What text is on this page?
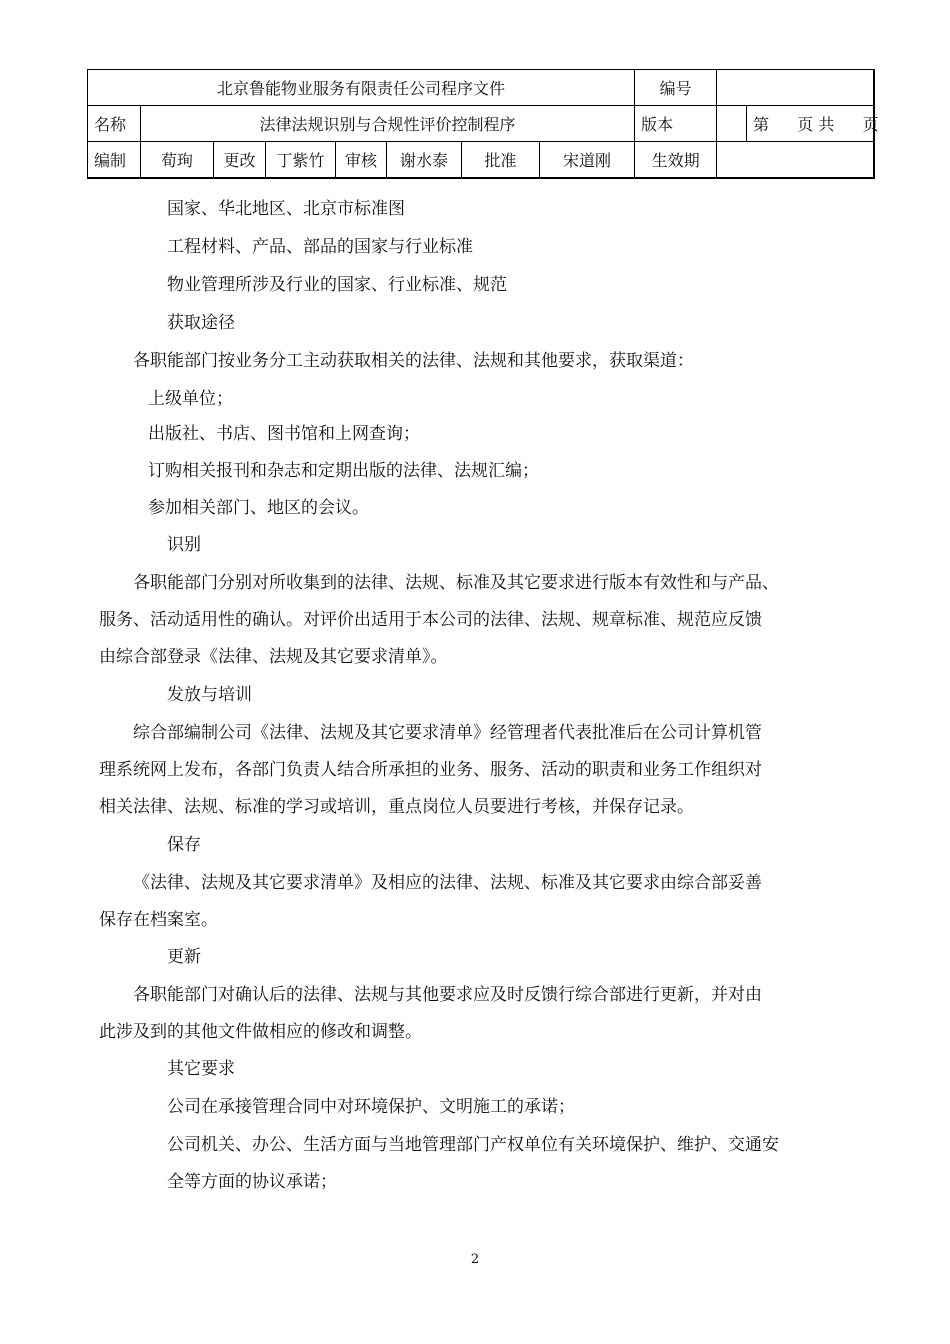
北京鲁能物业服务有限责任公司程序文件								编号		
名称	法律法规识别与合规性评价控制程序							版本		第 页 共 页
编制	荀珣	更改	丁紫竹	审核	谢水泰	批准	宋道刚	生效期		
国家、华北地区、北京市标准图
工程材料、产品、部品的国家与行业标准
物业管理所涉及行业的国家、行业标准、规范
获取途径
各职能部门按业务分工主动获取相关的法律、法规和其他要求，获取渠道：
上级单位；
出版社、书店、图书馆和上网查询；
订购相关报刊和杂志和定期出版的法律、法规汇编；
参加相关部门、地区的会议。
识别
各职能部门分别对所收集到的法律、法规、标准及其它要求进行版本有效性和与产品、
服务、活动适用性的确认。对评价出适用于本公司的法律、法规、规章标准、规范应反馈
由综合部登录《法律、法规及其它要求清单》。
发放与培训
综合部编制公司《法律、法规及其它要求清单》经管理者代表批准后在公司计算机管
理系统网上发布，各部门负责人结合所承担的业务、服务、活动的职责和业务工作组织对
相关法律、法规、标准的学习或培训，重点岗位人员要进行考核，并保存记录。
保存
《法律、法规及其它要求清单》及相应的法律、法规、标准及其它要求由综合部妥善
保存在档案室。
更新
各职能部门对确认后的法律、法规与其他要求应及时反馈行综合部进行更新，并对由
此涉及到的其他文件做相应的修改和调整。
其它要求
公司在承接管理合同中对环境保护、文明施工的承诺；
公司机关、办公、生活方面与当地管理部门产权单位有关环境保护、维护、交通安
全等方面的协议承诺；
2
